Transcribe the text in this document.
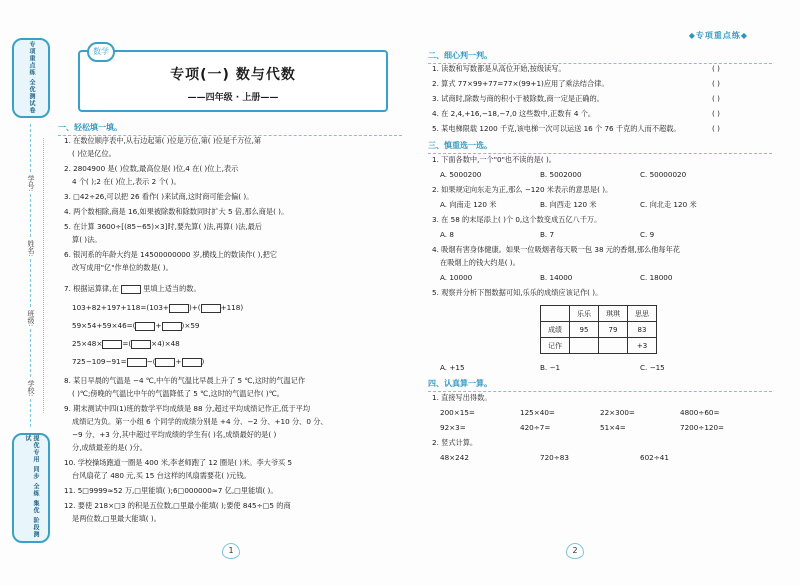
专项重点练 全优测试卷
学号:
姓名:
班级:
学校:
提优专用 同步 全练 集优 阶段测试
数学
专项(一) 数与代数
——四年级 · 上册——
◆专项重点练◆
一、轻松填一填。
1. 在数位顺序表中,从右边起第( )位是万位,第( )位是千万位,第
( )位是亿位。
2. 2804900 是( )位数,最高位是( )位,4 在( )位上,表示
4 个( );2 在( )位上,表示 2 个( )。
3. □42÷26,可以把 26 看作( )来试商,这时商可能会偏( )。
4. 两个数相除,商是 16,如果被除数和除数同时扩大 5 倍,那么商是( )。
5. 在计算 3600÷[(85−65)×3]时,要先算( )法,再算( )法,最后
算( )法。
6. 银河系的年龄大约是 14500000000 岁,横线上的数读作( ),把它
改写成用"亿"作单位的数是( )。
7. 根据运算律,在	里填上适当的数。
103+82+197+118=(103+	)+(	+118)
59×54+59×46=(	+	)×59
25×48×	=(	×4)×48
725−109−91=	−(	+	)
8. 某日早晨的气温是 −4 ℃,中午的气温比早晨上升了 5 ℃,这时的气温记作
( )℃;傍晚的气温比中午的气温降低了 5 ℃,这时的气温记作( )℃。
9. 期末测试中四(1)班的数学平均成绩是 88 分,超过平均成绩记作正,低于平均
成绩记为负。第一小组 6 个同学的成绩分别是 +4 分、−2 分、+10 分、0 分、
−9 分、+3 分,其中超过平均成绩的学生有( )名,成绩最好的是( )
分,成绩最差的是( )分。
10. 学校操场跑道一圈是 400 米,李老师跑了 12 圈是( )米。李大爷买 5
台风扇花了 480 元,买 15 台这样的风扇需要花( )元钱。
11. 5□9999≈52 万,□里能填( );6□000000≈7 亿,□里能填( )。
12. 要使 218×□3 的积是五位数,□里最小能填( );要使 845÷□5 的商
是两位数,□里最大能填( )。
二、细心判一判。
1. 读数和写数都是从高位开始,按级读写。	( )
2. 算式 77×99+77=77×(99+1)应用了乘法结合律。	( )
3. 试商时,除数与商的积小于被除数,商一定是正确的。	( )
4. 在 2,4,+16,−18,−7,0 这些数中,正数有 4 个。	( )
5. 某电梯限载 1200 千克,该电梯一次可以运送 16 个 76 千克的人而不超载。	( )
三、慎重选一选。
1. 下面各数中,一个"0"也不读的是( )。
A. 5000200	B. 5002000	C. 50000020
2. 如果规定向东走为正,那么 −120 米表示的意思是( )。
A. 向南走 120 米	B. 向西走 120 米	C. 向北走 120 米
3. 在 58 的末尾添上( )个 0,这个数变成五亿八千万。
A. 8	B. 7	C. 9
4. 吸烟有害身体健康。如果一位吸烟者每天吸一包 38 元的香烟,那么他每年花
在吸烟上的钱大约是( )。
A. 10000	B. 14000	C. 18000
5. 观察并分析下图数据可知,乐乐的成绩应该记作( )。
	乐乐	琪琪	思思
成绩	95	79	83
记作			+3
A. +15	B. −1	C. −15
四、认真算一算。
1. 直接写出得数。
200×15=	125×40=	22×300=	4800÷60=
92×3=	420÷7=	51×4=	7200÷120=
2. 竖式计算。
48×242	720÷83	602÷41
1	2
